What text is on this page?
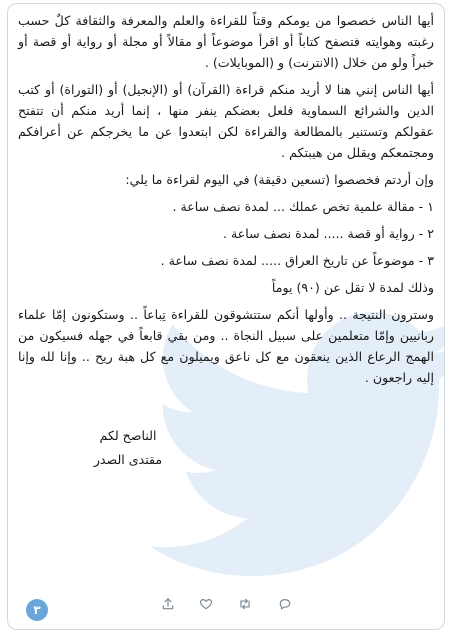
أيها الناس خصصوا من يومكم وقتاً للقراءة والعلم والمعرفة والثقافة كلٌ حسب رغبته وهوايته فتصفح كتاباً أو اقرأ موضوعاً أو مقالاً أو مجلة أو رواية أو قصة أو خبراً ولو من خلال (الانترنت) و (الموبايلات) .

أيها الناس إنني هنا لا أريد منكم قراءة (القرآن) أو (الإنجيل) أو (التوراة) أو كتب الدين والشرائع السماوية فلعل بعضكم ينفر منها ، إنما أريد منكم أن تتفتح عقولكم وتستنير بالمطالعة والقراءة لكن ابتعدوا عن ما يخرجكم عن أعرافكم ومجتمعكم ويقلل من هيبتكم .

وإن أردتم فخصصوا (تسعين دقيقة) في اليوم لقراءة ما يلي:

١ - مقالة علمية تخص عملك ... لمدة نصف ساعة .

٢ - رواية أو قصة ..... لمدة نصف ساعة .

٣ - موضوعاً عن تاريخ العراق ..... لمدة نصف ساعة .

وذلك لمدة لا تقل عن (٩٠) يوماً

وسترون النتيجة .. وأولها أنكم ستتشوقون للقراءة تِباعاً .. وستكونون إمّا علماء ربانيين وإمّا متعلمين على سبيل النجاة .. ومن بقي قابعاً في جهله فسيكون من الهمج الرعاع الذين ينعقون مع كل ناعق ويميلون مع كل هبة ريح .. وإنا لله وإنا إليه راجعون .

الناصح لكم
مقتدى الصدر
٣
